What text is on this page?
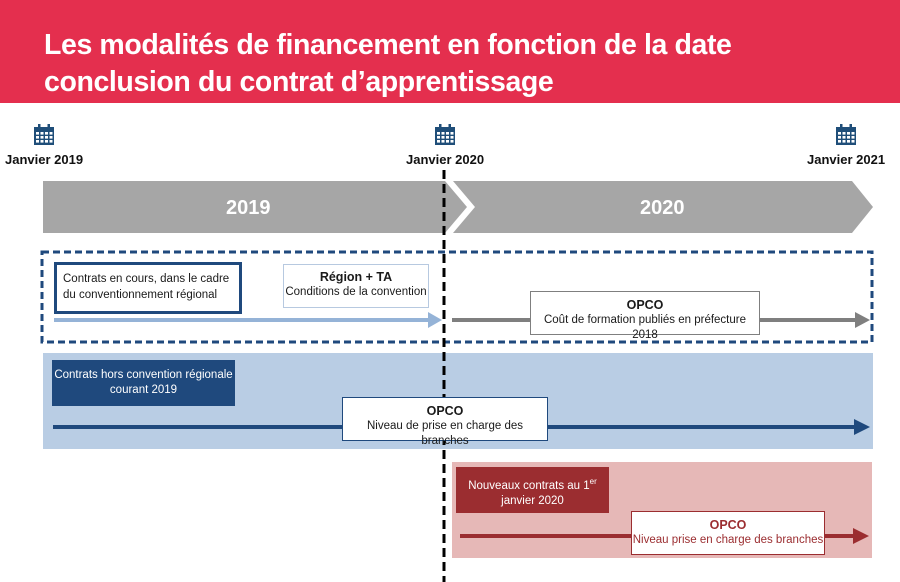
Les modalités de financement en fonction de la date
conclusion du contrat d’apprentissage
Janvier 2019	Janvier 2020	Janvier 2021
2019	2020
Contrats en cours, dans le cadre du conventionnement régional
Région + TA
Conditions de la convention
OPCO
Coût de formation publiés en préfecture 2018
Contrats hors convention régionale courant 2019
OPCO
Niveau de prise en charge des branches
Nouveaux contrats au 1er
janvier 2020
OPCO
Niveau prise en charge des branches
